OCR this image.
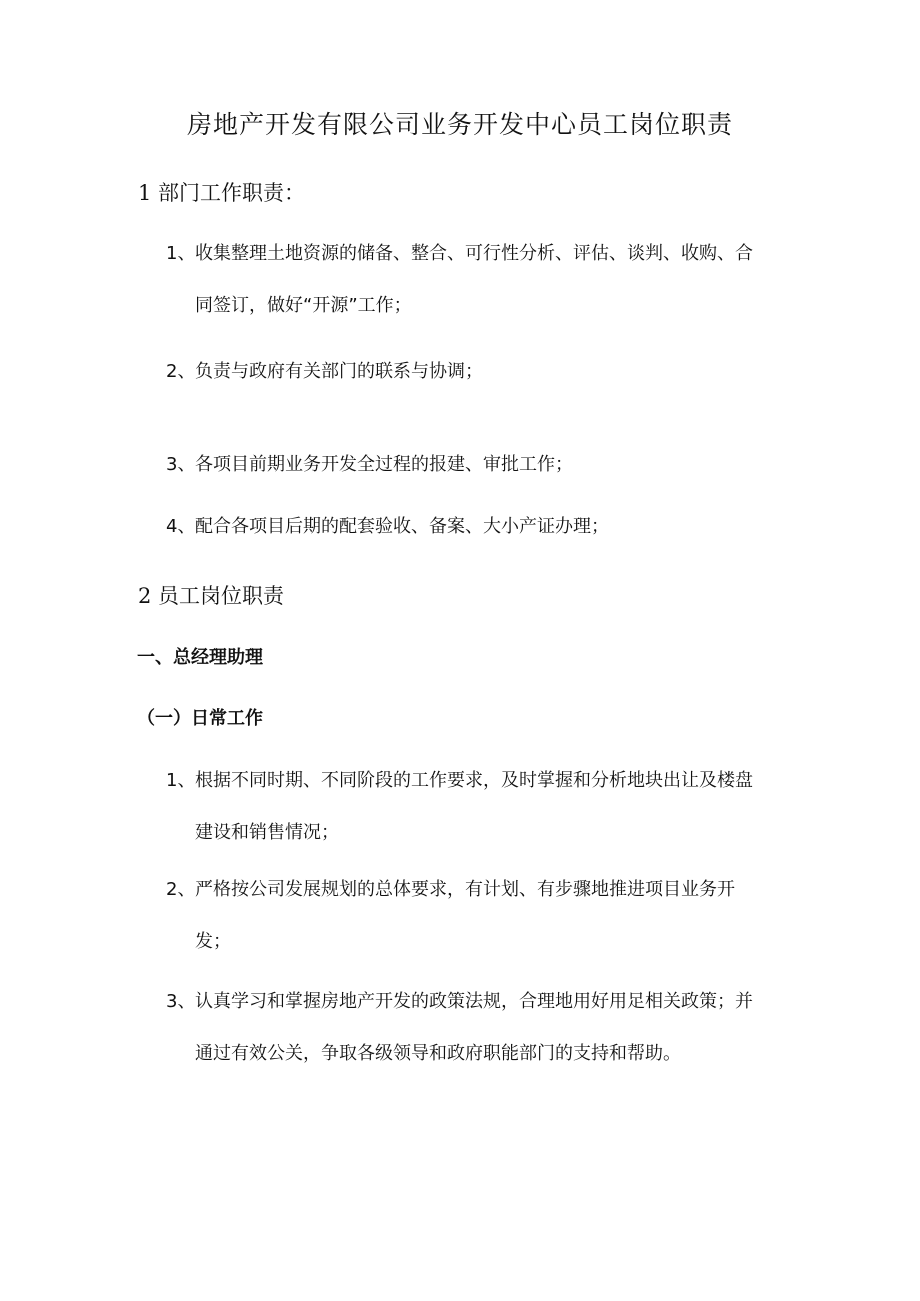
房地产开发有限公司业务开发中心员工岗位职责
1 部门工作职责：
1、收集整理土地资源的储备、整合、可行性分析、评估、谈判、收购、合
同签订，做好“开源”工作；
2、负责与政府有关部门的联系与协调；
3、各项目前期业务开发全过程的报建、审批工作；
4、配合各项目后期的配套验收、备案、大小产证办理；
2 员工岗位职责
一、总经理助理
（一）日常工作
1、根据不同时期、不同阶段的工作要求，及时掌握和分析地块出让及楼盘
建设和销售情况；
2、严格按公司发展规划的总体要求，有计划、有步骤地推进项目业务开
发；
3、认真学习和掌握房地产开发的政策法规，合理地用好用足相关政策；并
通过有效公关，争取各级领导和政府职能部门的支持和帮助。
